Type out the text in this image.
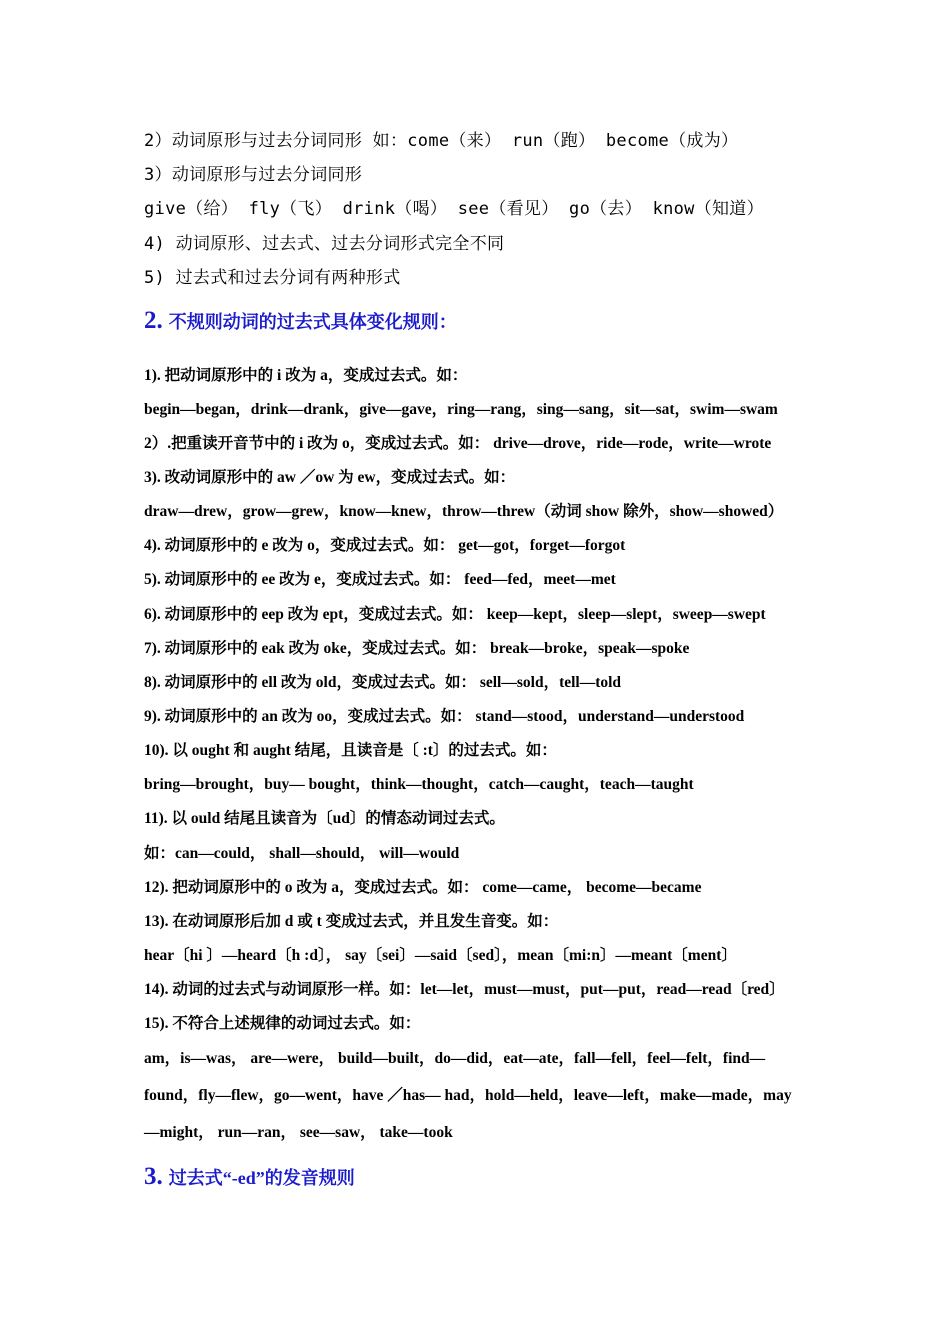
2）动词原形与过去分词同形 如：come（来） run（跑） become（成为）
3）动词原形与过去分词同形
give（给） fly（飞） drink（喝） see（看见） go（去） know（知道）
4) 动词原形、过去式、过去分词形式完全不同
5) 过去式和过去分词有两种形式
2. 不规则动词的过去式具体变化规则：
1). 把动词原形中的 i 改为 a，变成过去式。如：
begin—began，drink—drank，give—gave，ring—rang，sing—sang，sit—sat，swim—swam
2）.把重读开音节中的 i 改为 o，变成过去式。如： drive—drove，ride—rode，write—wrote
3). 改动词原形中的 aw ／ow 为 ew，变成过去式。如：
draw—drew，grow—grew，know—knew，throw—threw（动词 show 除外，show—showed）
4). 动词原形中的 e 改为 o，变成过去式。如： get—got，forget—forgot
5). 动词原形中的 ee 改为 e，变成过去式。如： feed—fed，meet—met
6). 动词原形中的 eep 改为 ept，变成过去式。如： keep—kept，sleep—slept，sweep—swept
7). 动词原形中的 eak 改为 oke，变成过去式。如： break—broke，speak—spoke
8). 动词原形中的 ell 改为 old，变成过去式。如： sell—sold，tell—told
9). 动词原形中的 an 改为 oo，变成过去式。如： stand—stood，understand—understood
10). 以 ought 和 aught 结尾，且读音是〔 :t〕的过去式。如：
bring—brought，buy— bought，think—thought，catch—caught，teach—taught
11). 以 ould 结尾且读音为〔ud〕的情态动词过去式。
如：can—could， shall—should， will—would
12). 把动词原形中的 o 改为 a，变成过去式。如： come—came， become—became
13). 在动词原形后加 d 或 t 变成过去式，并且发生音变。如：
hear〔hi 〕—heard〔h :d〕， say〔sei〕—said〔sed〕，mean〔mi:n〕—meant〔ment〕
14). 动词的过去式与动词原形一样。如：let—let，must—must，put—put，read—read〔red〕
15). 不符合上述规律的动词过去式。如：
am，is—was， are—were， build—built，do—did，eat—ate，fall—fell，feel—felt，find—
found，fly—flew，go—went，have ／has— had，hold—held，leave—left，make—made，may
—might， run—ran， see—saw， take—took
3. 过去式“-ed”的发音规则
